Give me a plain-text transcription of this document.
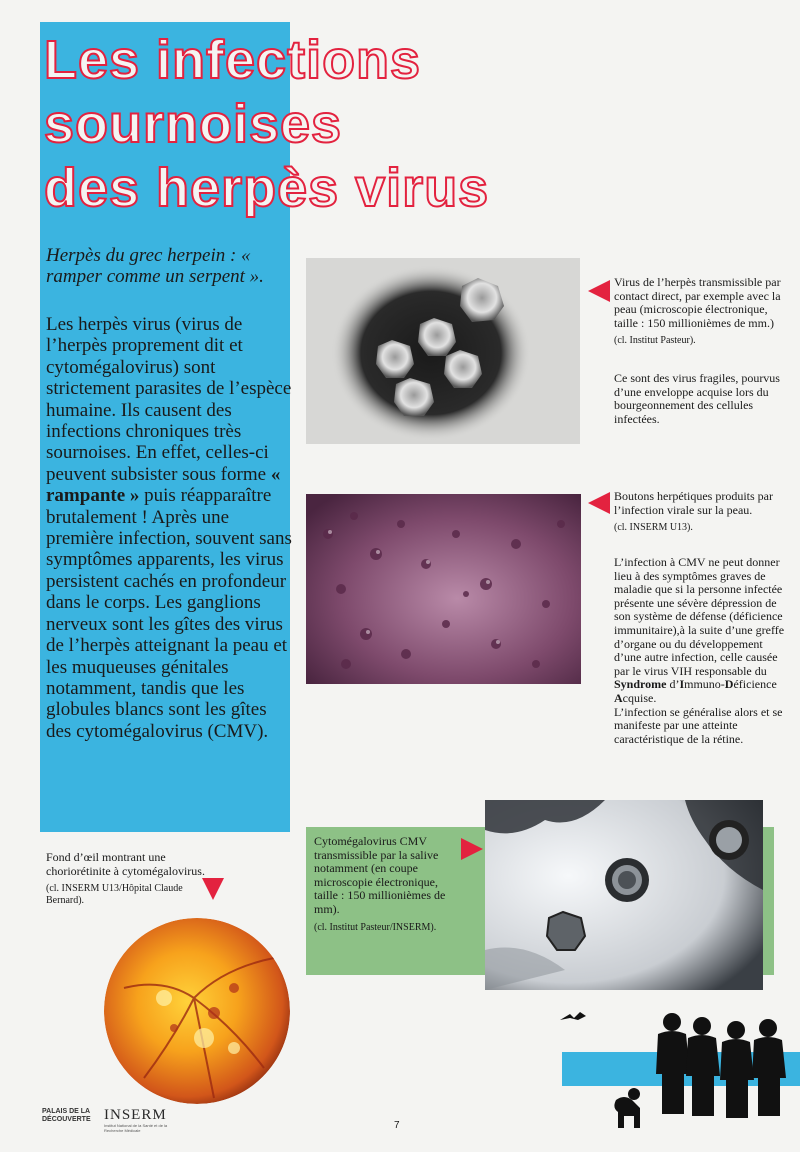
Les infections
sournoises
des herpès virus
Herpès du grec herpein : « ramper comme un serpent ».
Les herpès virus (virus de l’herpès proprement dit et cytomégalovirus) sont strictement parasites de l’espèce humaine. Ils causent des infections chroniques très sournoises. En effet, celles-ci peuvent subsister sous forme « rampante » puis réapparaître brutalement ! Après une première infection, souvent sans symptômes apparents, les virus persistent cachés en profondeur dans le corps. Les ganglions nerveux sont les gîtes des virus de l’herpès atteignant la peau et les muqueuses génitales notamment, tandis que les globules blancs sont les gîtes des cytomégalovirus (CMV).

Virus de l’herpès transmissible par contact direct, par exemple avec la peau (microscopie électronique, taille : 150 millionièmes de mm.)

(cl. Institut Pasteur).
Ce sont des virus fragiles, pourvus d’une enveloppe acquise lors du bourgeonnement des cellules infectées.

Boutons herpétiques produits par l’infection virale sur la peau.

(cl. INSERM U13).

L’infection à CMV ne peut donner lieu à des symptômes graves de maladie que si la personne infectée présente une sévère dépression de son système de défense (déficience immunitaire),à la suite d’une greffe d’organe ou du développement d’une autre infection, celle causée par le virus VIH responsable du Syndrome d’Immuno-Déficience Acquise.

L’infection se généralise alors et se manifeste par une atteinte caractéristique de la rétine.

Cytomégalovirus CMV transmissible par la salive notamment (en coupe microscopie électronique, taille : 150 millionièmes de mm).

(cl. Institut Pasteur/INSERM).

Fond d’œil montrant une choriorétinite à cytomégalovirus.

(cl. INSERM U13/Hôpital Claude Bernard).
PALAIS DE LA DÉCOUVERTE INSERM
Institut National de la Santé et de la Recherche Médicale	7
